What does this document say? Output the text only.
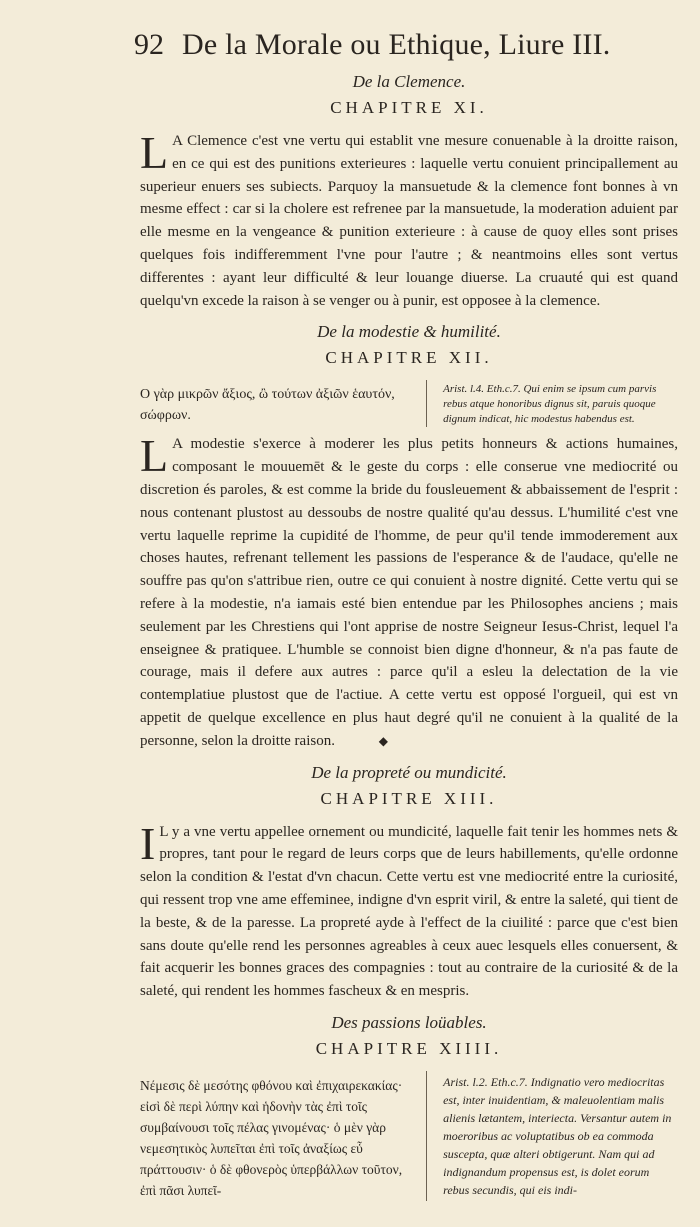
92 De la Morale ou Ethique, Liure III.
De la Clemence.
CHAPITRE XI.

L A Clemence c'est vne vertu qui establit vne mesure conuenable à la droitte raison, en ce qui est des punitions exterieures : laquelle vertu conuient principallement au superieur enuers ses subiects. Parquoy la mansuetude & la clemence font bonnes à vn mesme effect : car si la cholere est refrenee par la mansuetude, la moderation aduient par elle mesme en la vengeance & punition exterieure : à cause de quoy elles sont prises quelques fois indifferemment l'vne pour l'autre ; & neantmoins elles sont vertus differentes : ayant leur difficulté & leur louange diuerse. La cruauté qui est quand quelqu'vn excede la raison à se venger ou à punir, est opposee à la clemence.

De la modestie & humilité.
CHAPITRE XII.
Ο γὰρ μικρῶν ἄξιος, ὢ τούτων ἀξιῶν ἑαυτόν, σώφρων.
Arist. l.4. Eth.c.7. Qui enim se ipsum cum parvis rebus atque honoribus dignus sit, paruis quoque dignum indicat, hic modestus habendus est.

L A modestie s'exerce à moderer les plus petits honneurs & actions humaines, composant le mouuemēt & le geste du corps : elle conserue vne mediocrité ou discretion és paroles, & est comme la bride du fousleuement & abbaissement de l'esprit : nous contenant plustost au dessoubs de nostre qualité qu'au dessus. L'humilité c'est vne vertu laquelle reprime la cupidité de l'homme, de peur qu'il tende immoderement aux choses hautes, refrenant tellement les passions de l'esperance & de l'audace, qu'elle ne souffre pas qu'on s'attribue rien, outre ce qui conuient à nostre dignité. Cette vertu qui se refere à la modestie, n'a iamais esté bien entendue par les Philosophes anciens ; mais seulement par les Chrestiens qui l'ont apprise de nostre Seigneur Iesus-Christ, lequel l'a enseignee & pratiquee. L'humble se connoist bien digne d'honneur, & n'a pas faute de courage, mais il defere aux autres : parce qu'il a esleu la delectation de la vie contemplatiue plustost que de l'actiue. A cette vertu est opposé l'orgueil, qui est vn appetit de quelque excellence en plus haut degré qu'il ne conuient à la qualité de la personne, selon la droitte raison.	◆

De la propreté ou mundicité.
CHAPITRE XIII.

I L y a vne vertu appellee ornement ou mundicité, laquelle fait tenir les hommes nets & propres, tant pour le regard de leurs corps que de leurs habillements, qu'elle ordonne selon la condition & l'estat d'vn chacun. Cette vertu est vne mediocrité entre la curiosité, qui ressent trop vne ame effeminee, indigne d'vn esprit viril, & entre la saleté, qui tient de la beste, & de la paresse. La propreté ayde à l'effect de la ciuilité : parce que c'est bien sans doute qu'elle rend les personnes agreables à ceux auec lesquels elles conuersent, & fait acquerir les bonnes graces des compagnies : tout au contraire de la curiosité & de la saleté, qui rendent les hommes fascheux & en mespris.

Des passions loüables.
CHAPITRE XIIII.
Νέμεσις δὲ μεσότης φθόνου καὶ ἐπιχαιρεκακίας· εἰσὶ δὲ περὶ λύπην καὶ ἡδονὴν τὰς ἐπὶ τοῖς συμβαίνουσι τοῖς πέλας γινομένας· ὁ μὲν γὰρ νεμεσητικὸς λυπεῖται ἐπὶ τοῖς ἀναξίως εὖ πράττουσιν· ὁ δὲ φθονερὸς ὑπερβάλλων τοῦτον, ἐπὶ πᾶσι λυπεῖ-
Arist. l.2. Eth.c.7. Indignatio vero mediocritas est, inter inuidentiam, & maleuolentiam malis alienis lætantem, interiecta. Versantur autem in moeroribus ac voluptatibus ob ea commoda suscepta, quæ alteri obtigerunt. Nam qui ad indignandum propensus est, is dolet eorum rebus secundis, qui eis indi-
